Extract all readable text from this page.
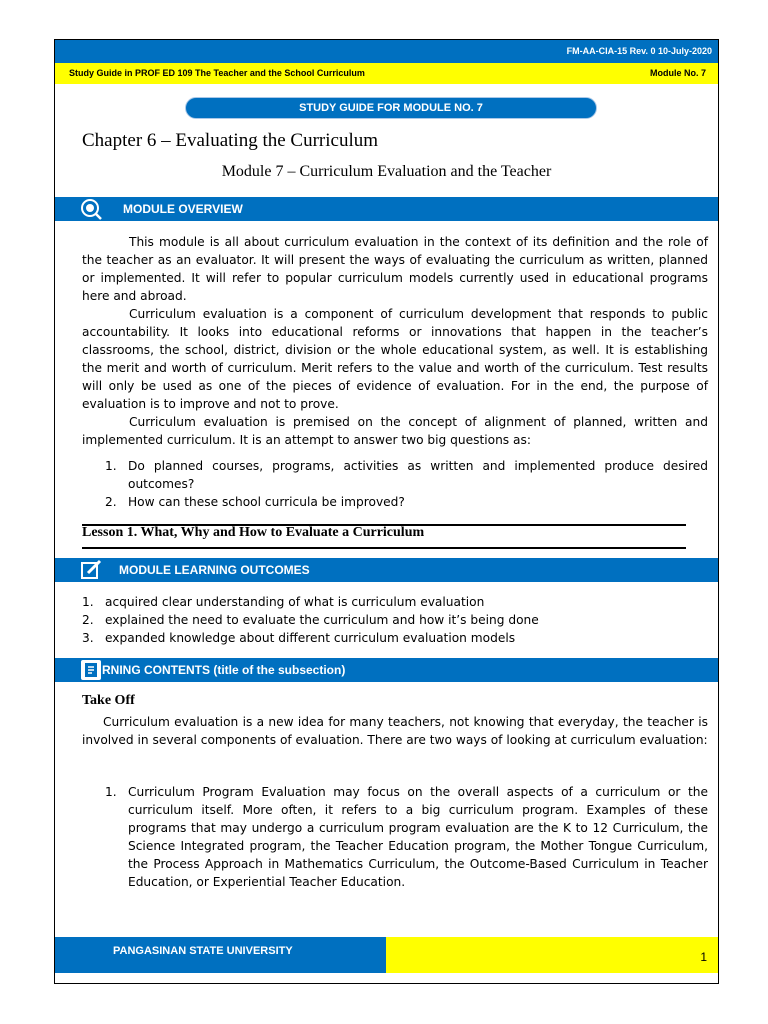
FM-AA-CIA-15 Rev. 0 10-July-2020
Study Guide in PROF ED 109 The Teacher and the School Curriculum	Module No. 7
STUDY GUIDE FOR MODULE NO. 7
Chapter 6 – Evaluating the Curriculum
Module 7 – Curriculum Evaluation and the Teacher
MODULE OVERVIEW

This module is all about curriculum evaluation in the context of its definition and the role of the teacher as an evaluator. It will present the ways of evaluating the curriculum as written, planned or implemented. It will refer to popular curriculum models currently used in educational programs here and abroad.

Curriculum evaluation is a component of curriculum development that responds to public accountability. It looks into educational reforms or innovations that happen in the teacher’s classrooms, the school, district, division or the whole educational system, as well. It is establishing the merit and worth of curriculum. Merit refers to the value and worth of the curriculum. Test results will only be used as one of the pieces of evidence of evaluation. For in the end, the purpose of evaluation is to improve and not to prove.

Curriculum evaluation is premised on the concept of alignment of planned, written and implemented curriculum. It is an attempt to answer two big questions as:

1. Do planned courses, programs, activities as written and implemented produce desired outcomes?
2. How can these school curricula be improved?
Lesson 1. What, Why and How to Evaluate a Curriculum
MODULE LEARNING OUTCOMES
1. acquired clear understanding of what is curriculum evaluation
2. explained the need to evaluate the curriculum and how it’s being done
3. expanded knowledge about different curriculum evaluation models
RNING CONTENTS (title of the subsection)
Take Off

Curriculum evaluation is a new idea for many teachers, not knowing that everyday, the teacher is involved in several components of evaluation. There are two ways of looking at curriculum evaluation:

1. Curriculum Program Evaluation may focus on the overall aspects of a curriculum or the curriculum itself. More often, it refers to a big curriculum program. Examples of these programs that may undergo a curriculum program evaluation are the K to 12 Curriculum, the Science Integrated program, the Teacher Education program, the Mother Tongue Curriculum, the Process Approach in Mathematics Curriculum, the Outcome-Based Curriculum in Teacher Education, or Experiential Teacher Education.
PANGASINAN STATE UNIVERSITY	1
